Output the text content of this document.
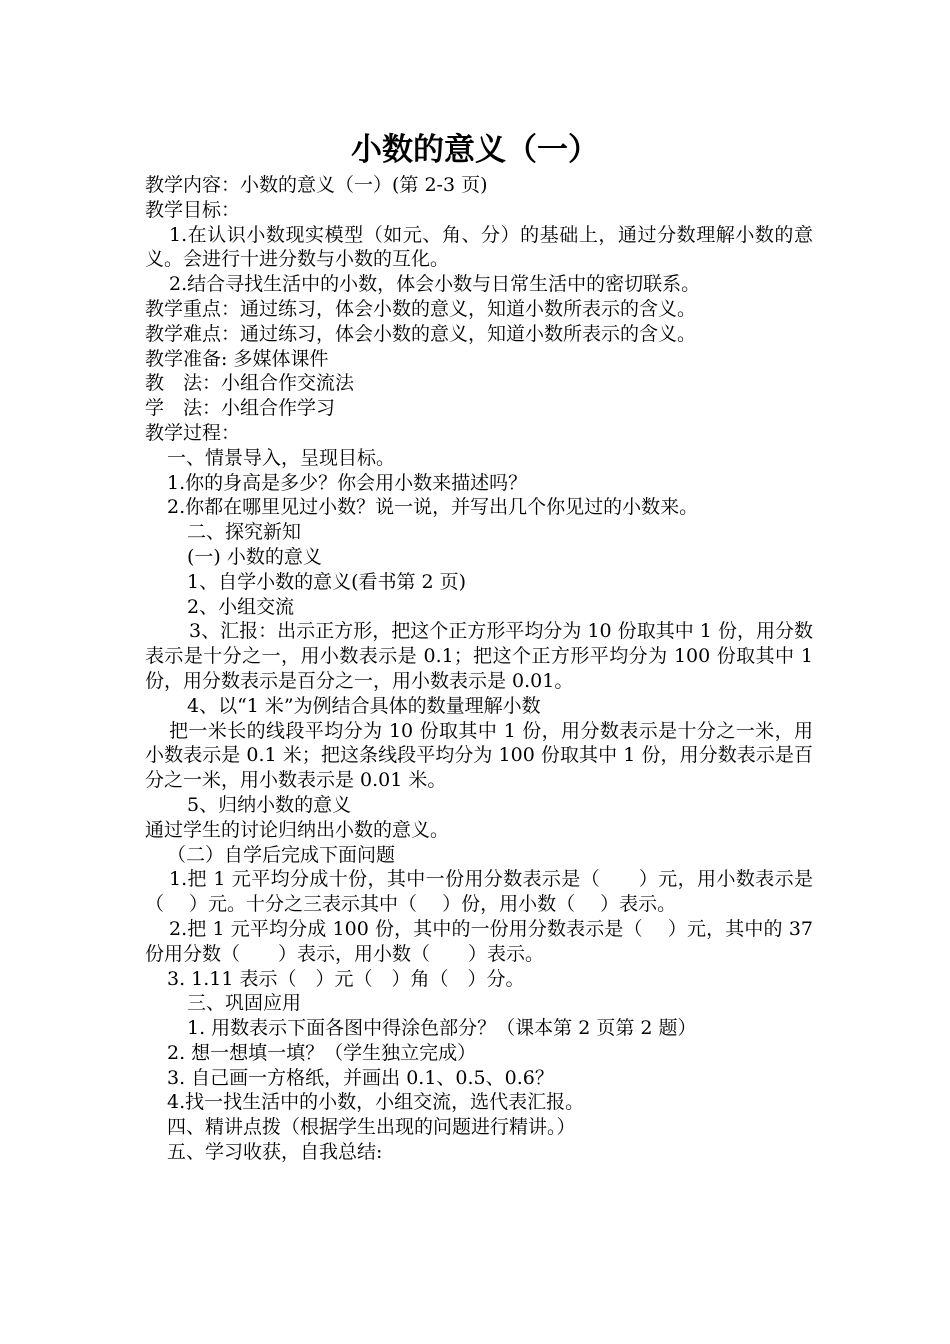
小数的意义（一）

教学内容：小数的意义（一）(第 2-3 页)

教学目标：

1.在认识小数现实模型（如元、角、分）的基础上，通过分数理解小数的意义。会进行十进分数与小数的互化。

2.结合寻找生活中的小数，体会小数与日常生活中的密切联系。

教学重点：通过练习，体会小数的意义，知道小数所表示的含义。

教学难点：通过练习，体会小数的意义，知道小数所表示的含义。

教学准备: 多媒体课件

教　法：小组合作交流法

学　法：小组合作学习

教学过程：

一、情景导入，呈现目标。

1.你的身高是多少？你会用小数来描述吗？

2.你都在哪里见过小数？说一说，并写出几个你见过的小数来。

二、探究新知

(一) 小数的意义

1、自学小数的意义(看书第 2 页)

2、小组交流

3、汇报：出示正方形，把这个正方形平均分为 10 份取其中 1 份，用分数表示是十分之一，用小数表示是 0.1；把这个正方形平均分为 100 份取其中 1 份，用分数表示是百分之一，用小数表示是 0.01。

4、以“1 米”为例结合具体的数量理解小数

把一米长的线段平均分为 10 份取其中 1 份，用分数表示是十分之一米，用小数表示是 0.1 米；把这条线段平均分为 100 份取其中 1 份，用分数表示是百分之一米，用小数表示是 0.01 米。

5、归纳小数的意义

通过学生的讨论归纳出小数的意义。

（二）自学后完成下面问题

1.把 1 元平均分成十份，其中一份用分数表示是（　　）元，用小数表示是（　 ）元。十分之三表示其中（　 ）份，用小数（　 ）表示。

2.把 1 元平均分成 100 份，其中的一份用分数表示是（　 ）元，其中的 37 份用分数（　　）表示，用小数（　　）表示。

3. 1.11 表示（　）元（　）角（　）分。

三、巩固应用

1. 用数表示下面各图中得涂色部分？（课本第 2 页第 2 题）

2. 想一想填一填？（学生独立完成）

3. 自己画一方格纸，并画出 0.1、0.5、0.6？

4.找一找生活中的小数，小组交流，选代表汇报。

四、精讲点拨（根据学生出现的问题进行精讲。）

五、学习收获，自我总结:
